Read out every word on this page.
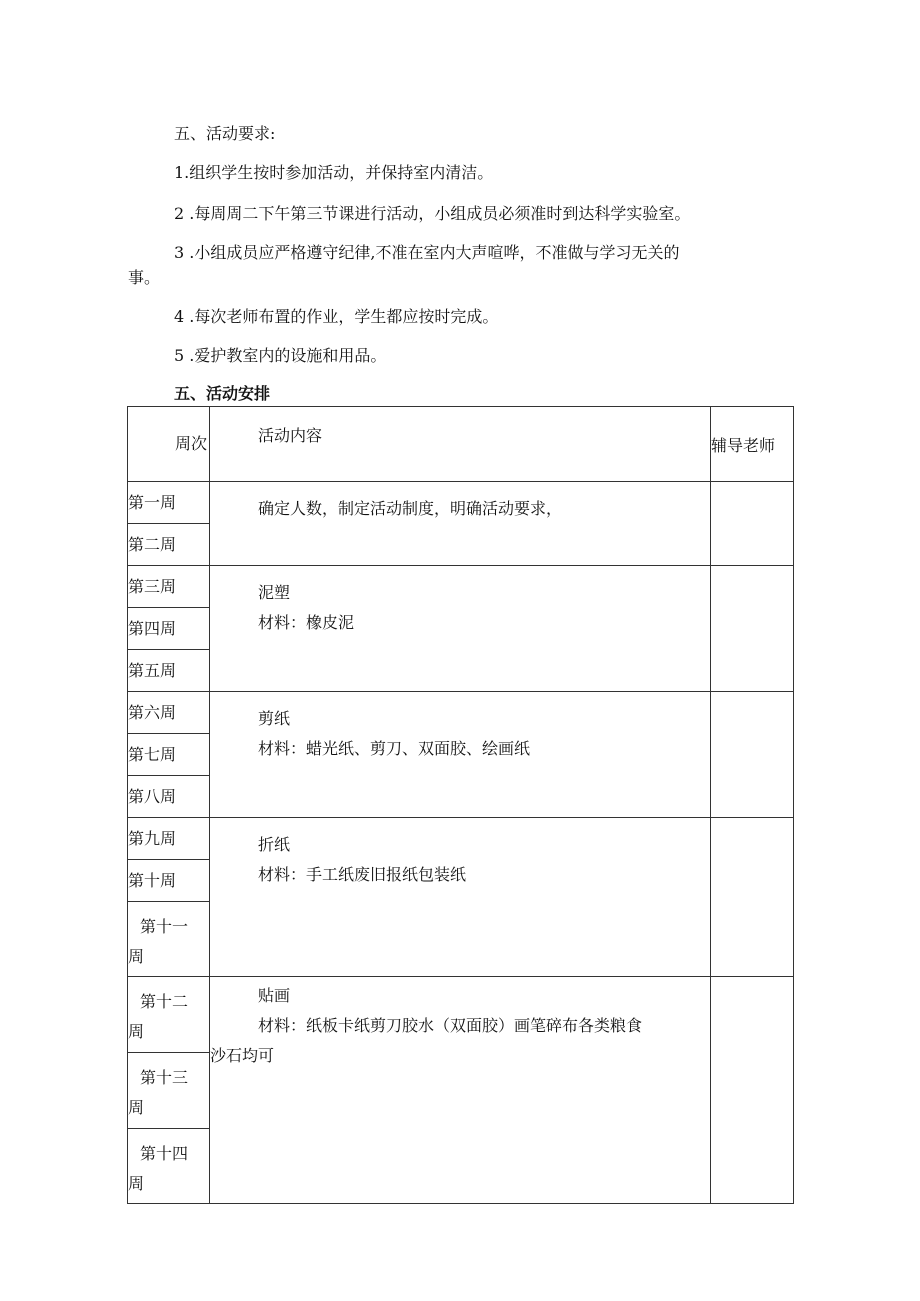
五、活动要求:
1.组织学生按时参加活动，并保持室内清洁。
2 .每周周二下午第三节课进行活动，小组成员必须准时到达科学实验室。
3 .小组成员应严格遵守纪律,不准在室内大声喧哗，不准做与学习无关的
事。
4 .每次老师布置的作业，学生都应按时完成。
5 .爱护教室内的设施和用品。
五、活动安排
周次	活动内容	辅导老师

第一周	确定人数，制定活动制度，明确活动要求，	

第二周		

第三周	泥塑
材料：橡皮泥	

第四周		

第五周		

第六周	剪纸
材料：蜡光纸、剪刀、双面胶、绘画纸	

第七周		

第八周		

第九周	折纸
材料：手工纸废旧报纸包装纸	

第十周		

第十一
周		

第十二
周	贴画
材料：纸板卡纸剪刀胶水（双面胶）画笔碎布各类粮食
沙石均可	

第十三
周		

第十四
周		
